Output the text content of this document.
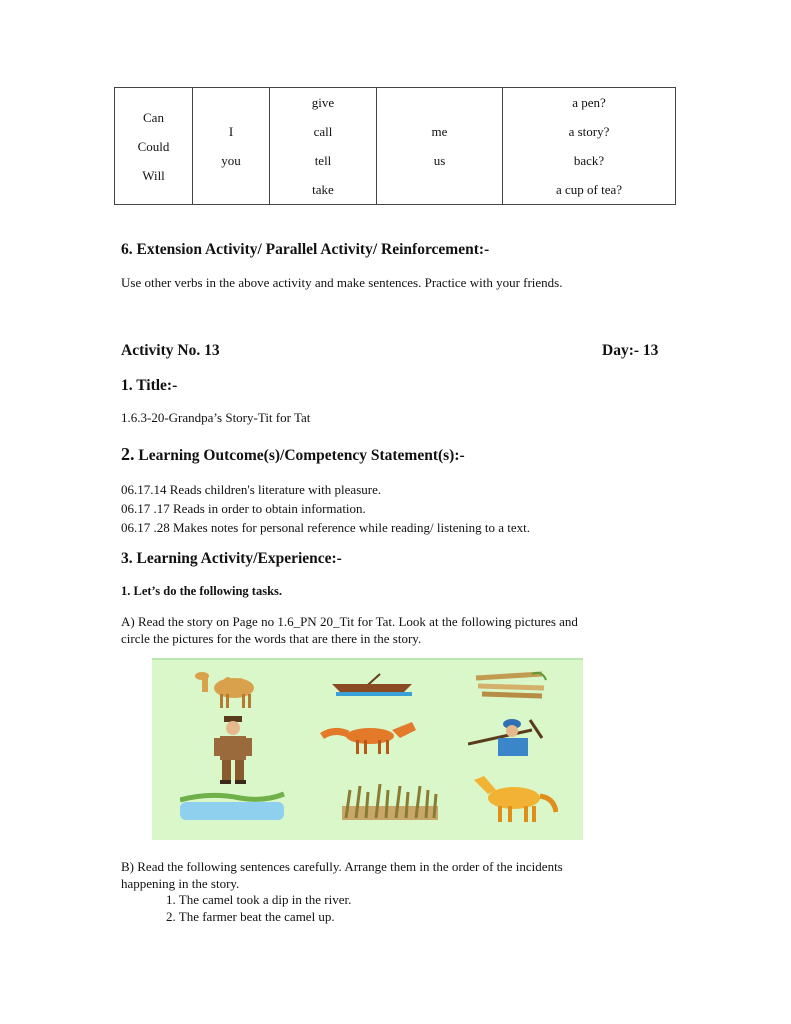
Can
Could
Will

I
you

give
call
tell
take

me
us

a pen?
a story?
back?
a cup of tea?
6. Extension Activity/ Parallel Activity/ Reinforcement:-
Use other verbs in the above activity and make sentences. Practice with your friends.
Activity No. 13	Day:- 13
1. Title:-
1.6.3-20-Grandpa’s Story-Tit for Tat
2. Learning Outcome(s)/Competency Statement(s):-
06.17.14 Reads children's literature with pleasure.
06.17 .17 Reads in order to obtain information.
06.17 .28 Makes notes for personal reference while reading/ listening to a text.
3. Learning Activity/Experience:-
1. Let’s do the following tasks.
A) Read the story on Page no 1.6_PN 20_Tit for Tat. Look at the following pictures and
circle the pictures for the words that are there in the story.
B) Read the following sentences carefully. Arrange them in the order of the incidents
happening in the story.
1. The camel took a dip in the river.
2. The farmer beat the camel up.
